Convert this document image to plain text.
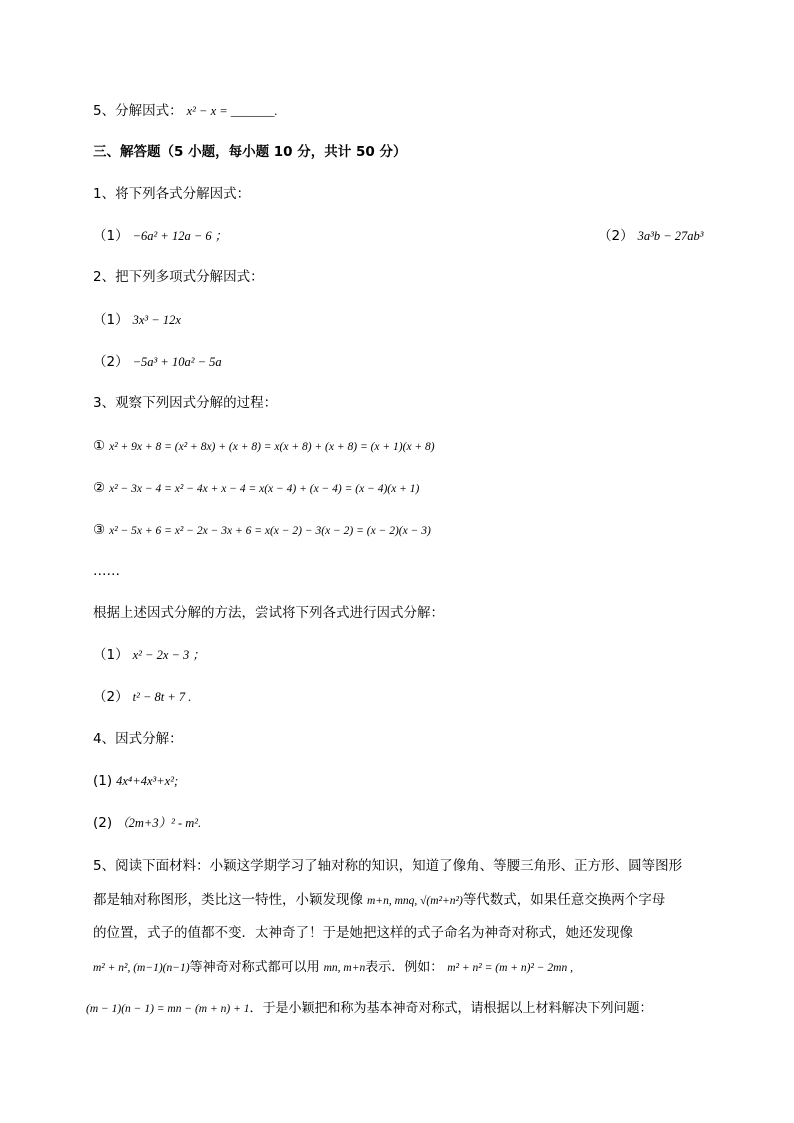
5、分解因式： x² − x = _______.
三、解答题（5 小题，每小题 10 分，共计 50 分）
1、将下列各式分解因式：
（1） −6a² + 12a − 6 ；	（2） 3a³b − 27ab³
2、把下列多项式分解因式：
（1） 3x³ − 12x
（2） −5a³ + 10a² − 5a
3、观察下列因式分解的过程：
① x² + 9x + 8 = (x² + 8x) + (x + 8) = x(x + 8) + (x + 8) = (x + 1)(x + 8)
② x² − 3x − 4 = x² − 4x + x − 4 = x(x − 4) + (x − 4) = (x − 4)(x + 1)
③ x² − 5x + 6 = x² − 2x − 3x + 6 = x(x − 2) − 3(x − 2) = (x − 2)(x − 3)
……
根据上述因式分解的方法，尝试将下列各式进行因式分解：
（1） x² − 2x − 3 ；
（2） t² − 8t + 7 .
4、因式分解：
(1) 4x⁴+4x³+x²;
(2) （2m+3）² - m².
5、阅读下面材料：小颖这学期学习了轴对称的知识，知道了像角、等腰三角形、正方形、圆等图形
都是轴对称图形，类比这一特性，小颖发现像 m+n, mnq, √(m²+n²)等代数式，如果任意交换两个字母
的位置，式子的值都不变．太神奇了！于是她把这样的式子命名为神奇对称式，她还发现像
m² + n², (m−1)(n−1)等神奇对称式都可以用 mn, m+n表示．例如： m² + n² = (m + n)² − 2mn ,
(m − 1)(n − 1) = mn − (m + n) + 1．于是小颖把和称为基本神奇对称式，请根据以上材料解决下列问题：
